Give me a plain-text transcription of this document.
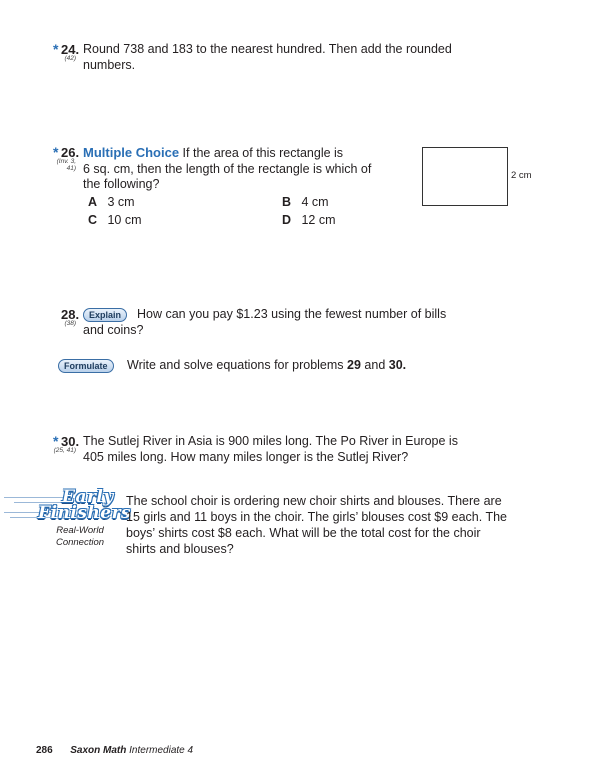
* 24.
(42)
Round 738 and 183 to the nearest hundred. Then add the rounded
numbers.
* 26.
(Inv. 3,
41)
Multiple Choice If the area of this rectangle is
6 sq. cm, then the length of the rectangle is which of
the following?
A 3 cm	B 4 cm
C 10 cm	D 12 cm
2 cm
28.
(38)
Explain	How can you pay $1.23 using the fewest number of bills
and coins?
Formulate	Write and solve equations for problems 29 and 30.
* 30.
(25, 41)
The Sutlej River in Asia is 900 miles long. The Po River in Europe is
405 miles long. How many miles longer is the Sutlej River?
Early
Finishers
Real-World
Connection
The school choir is ordering new choir shirts and blouses. There are
15 girls and 11 boys in the choir. The girls’ blouses cost $9 each. The
boys’ shirts cost $8 each. What will be the total cost for the choir
shirts and blouses?
286 Saxon Math Intermediate 4
